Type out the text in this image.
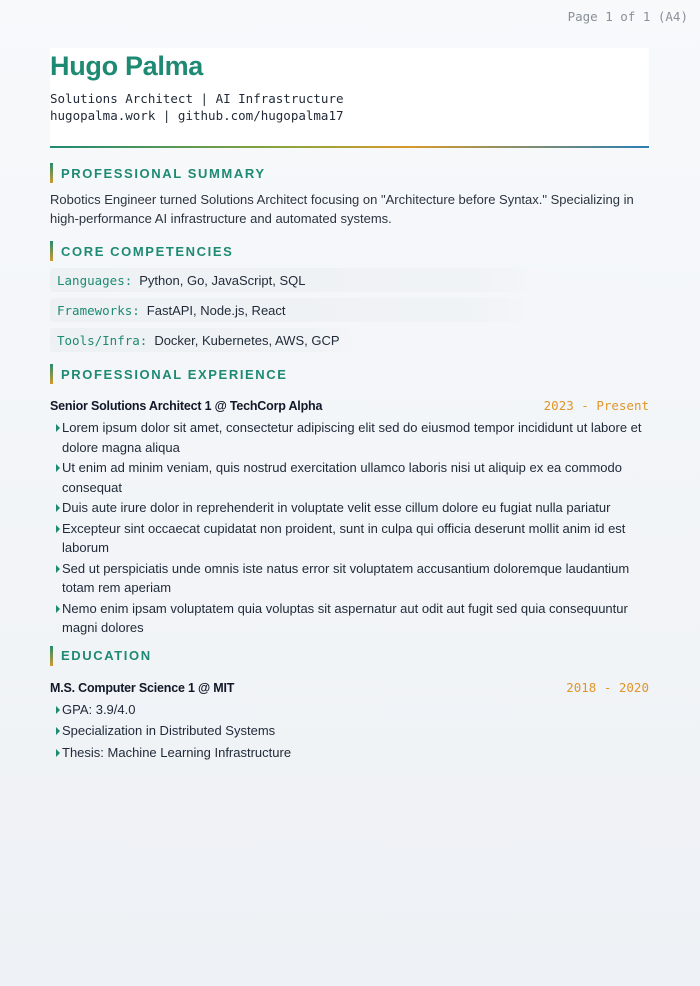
Page 1 of 1 (A4)
Hugo Palma
Solutions Architect | AI Infrastructure
hugopalma.work | github.com/hugopalma17
PROFESSIONAL SUMMARY
Robotics Engineer turned Solutions Architect focusing on "Architecture before Syntax." Specializing in high-performance AI infrastructure and automated systems.
CORE COMPETENCIES
Languages: Python, Go, JavaScript, SQL
Frameworks: FastAPI, Node.js, React
Tools/Infra: Docker, Kubernetes, AWS, GCP
PROFESSIONAL EXPERIENCE
Senior Solutions Architect 1 @ TechCorp Alpha	2023 - Present
Lorem ipsum dolor sit amet, consectetur adipiscing elit sed do eiusmod tempor incididunt ut labore et dolore magna aliqua
Ut enim ad minim veniam, quis nostrud exercitation ullamco laboris nisi ut aliquip ex ea commodo consequat
Duis aute irure dolor in reprehenderit in voluptate velit esse cillum dolore eu fugiat nulla pariatur
Excepteur sint occaecat cupidatat non proident, sunt in culpa qui officia deserunt mollit anim id est laborum
Sed ut perspiciatis unde omnis iste natus error sit voluptatem accusantium doloremque laudantium totam rem aperiam
Nemo enim ipsam voluptatem quia voluptas sit aspernatur aut odit aut fugit sed quia consequuntur magni dolores
EDUCATION
M.S. Computer Science 1 @ MIT	2018 - 2020
GPA: 3.9/4.0
Specialization in Distributed Systems
Thesis: Machine Learning Infrastructure
